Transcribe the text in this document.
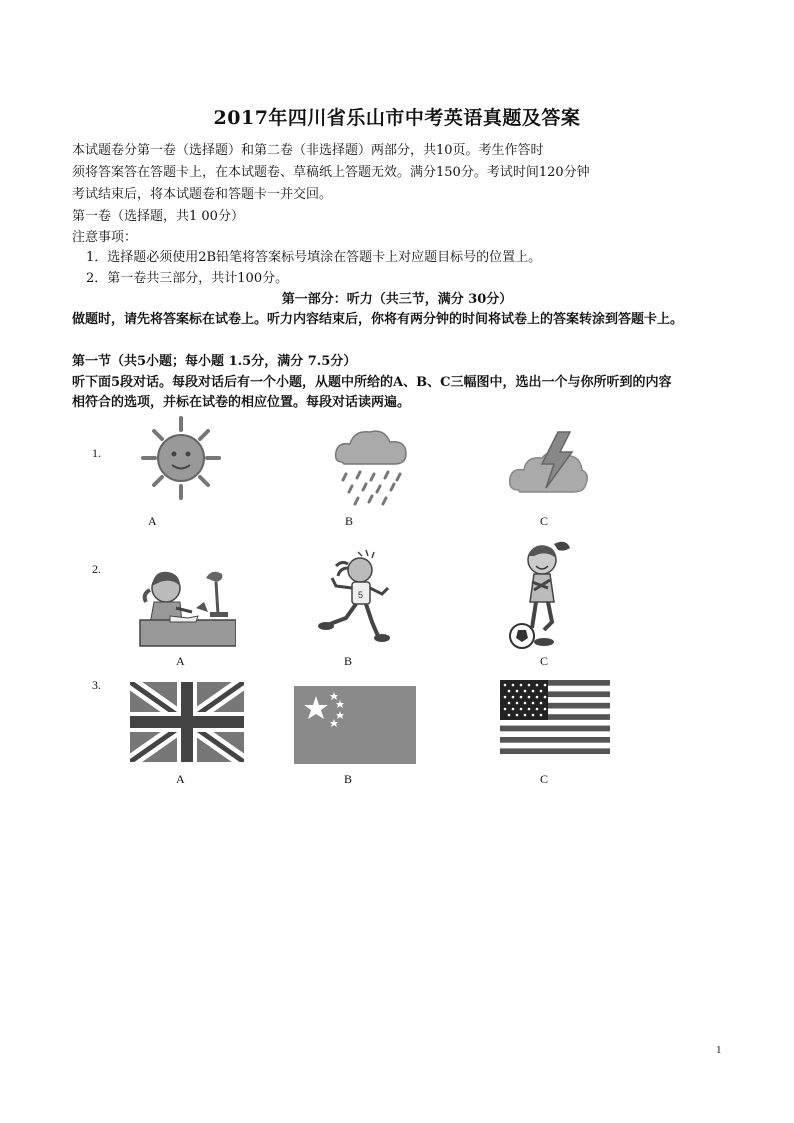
2017年四川省乐山市中考英语真题及答案
本试题卷分第一卷（选择题）和第二卷（非选择题）两部分，共10页。考生作答时
须将答案答在答题卡上，在本试题卷、草稿纸上答题无效。满分150分。考试时间120分钟
考试结束后，将本试题卷和答题卡一并交回。
第一卷（选择题，共1 00分）
注意事项：
1．选择题必须使用2B铅笔将答案标号填涂在答题卡上对应题目标号的位置上。
2．第一卷共三部分，共计100分。
第一部分：听力（共三节，满分 30分）
做题时，请先将答案标在试卷上。听力内容结束后，你将有两分钟的时间将试卷上的答案转涂到答题卡上。
第一节（共5小题；每小题 1.5分，满分 7.5分）
听下面5段对话。每段对话后有一个小题，从题中所给的A、B、C三幅图中，选出一个与你所听到的内容
相符合的选项，并标在试卷的相应位置。每段对话读两遍。
1.
A	B	C
2.
A
5
B	C
3.
A	B	C
1
